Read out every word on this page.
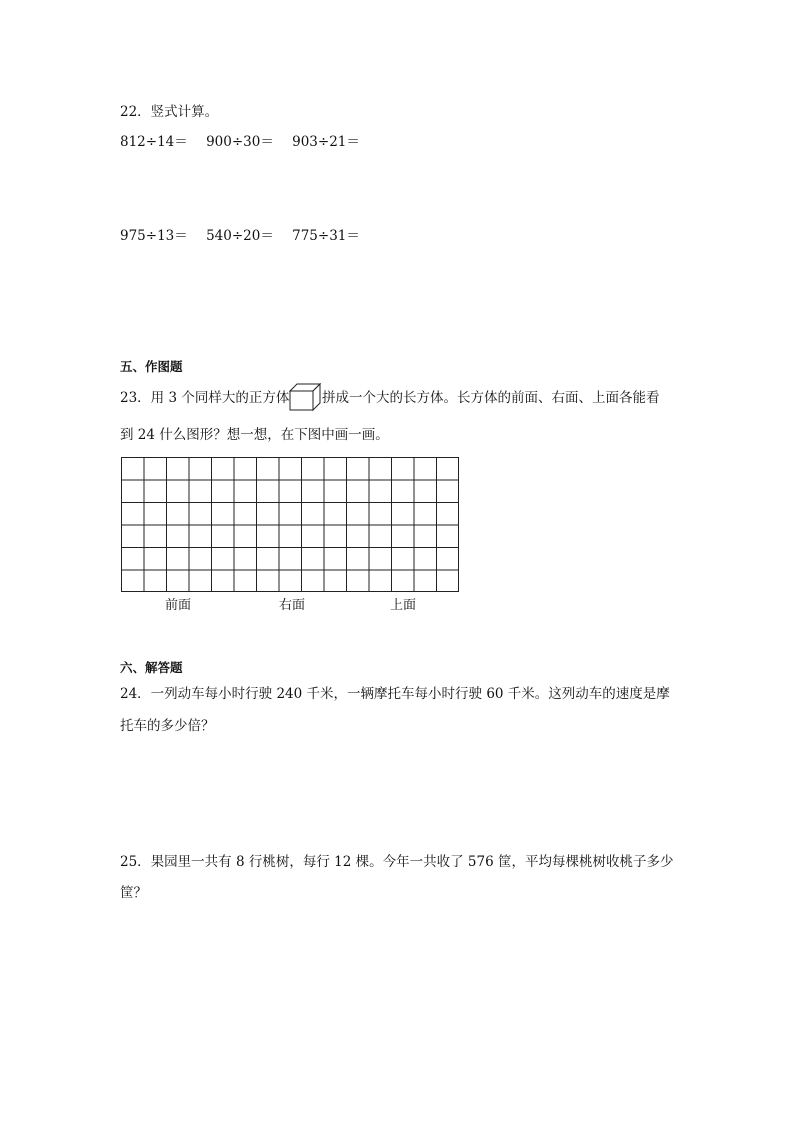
22．竖式计算。
812÷14＝ 900÷30＝ 903÷21＝
975÷13＝ 540÷20＝ 775÷31＝
五、作图题
23．用 3 个同样大的正方体 拼成一个大的长方体。长方体的前面、右面、上面各能看
到 24 什么图形？想一想，在下图中画一画。
前面	右面	上面
六、解答题
24．一列动车每小时行驶 240 千米，一辆摩托车每小时行驶 60 千米。这列动车的速度是摩
托车的多少倍？
25．果园里一共有 8 行桃树，每行 12 棵。今年一共收了 576 筐，平均每棵桃树收桃子多少
筐？
